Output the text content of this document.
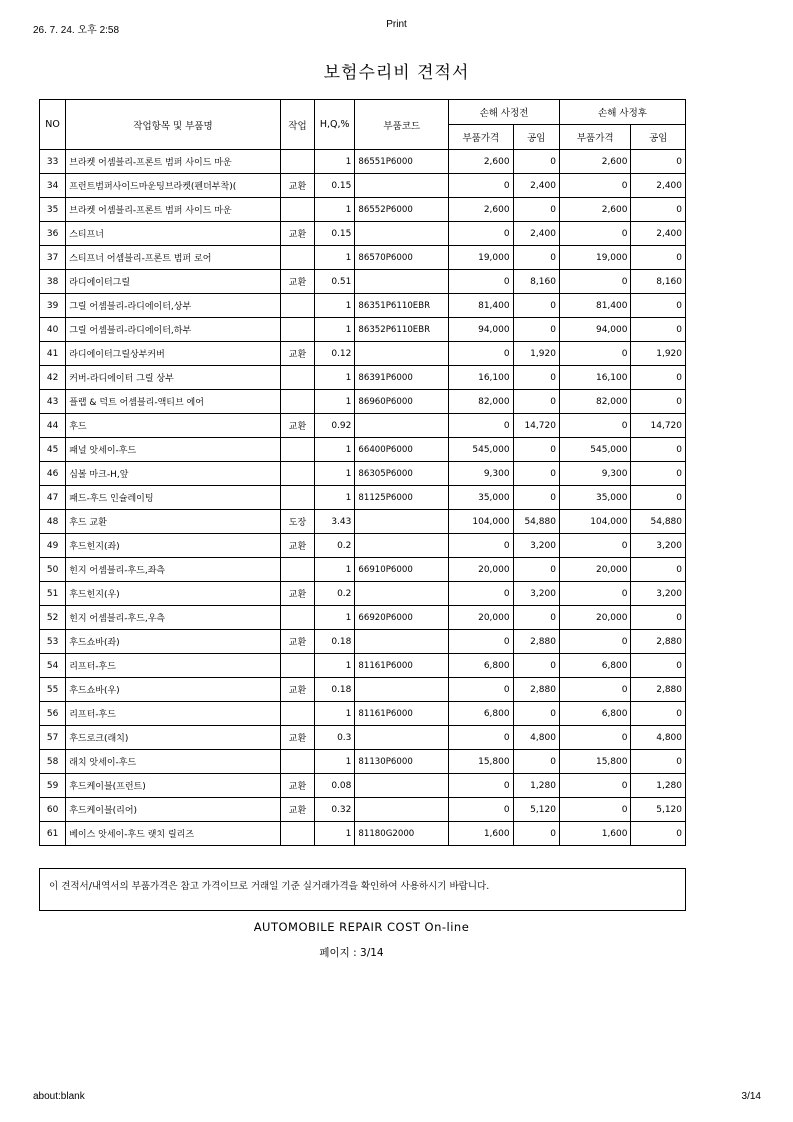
26. 7. 24. 오후 2:58
Print
보험수리비 견적서
NO	작업항목 및 부품명	작업	H,Q,%	부품코드	손해 사정전		손해 사정후	
					부품가격	공임	부품가격	공임
33	브라켓 어셈블리-프론트 범퍼 사이드 마운		1	86551P6000	2,600	0	2,600	0
34	프런트범퍼사이드마운팅브라켓(펜더부착)(	교환	0.15		0	2,400	0	2,400
35	브라켓 어셈블리-프론트 범퍼 사이드 마운		1	86552P6000	2,600	0	2,600	0
36	스티프너	교환	0.15		0	2,400	0	2,400
37	스티프너 어셈블리-프론트 범퍼 로어		1	86570P6000	19,000	0	19,000	0
38	라디에이터그릴	교환	0.51		0	8,160	0	8,160
39	그릴 어셈블리-라디에이터,상부		1	86351P6110EBR	81,400	0	81,400	0
40	그릴 어셈블리-라디에이터,하부		1	86352P6110EBR	94,000	0	94,000	0
41	라디에이터그릴상부커버	교환	0.12		0	1,920	0	1,920
42	커버-라디에이터 그릴 상부		1	86391P6000	16,100	0	16,100	0
43	플랩 & 덕트 어셈블리-액티브 에어		1	86960P6000	82,000	0	82,000	0
44	후드	교환	0.92		0	14,720	0	14,720
45	패널 앗세이-후드		1	66400P6000	545,000	0	545,000	0
46	심볼 마크-H,앞		1	86305P6000	9,300	0	9,300	0
47	패드-후드 인슐레이팅		1	81125P6000	35,000	0	35,000	0
48	후드 교환	도장	3.43		104,000	54,880	104,000	54,880
49	후드힌지(좌)	교환	0.2		0	3,200	0	3,200
50	힌지 어셈블리-후드,좌측		1	66910P6000	20,000	0	20,000	0
51	후드힌지(우)	교환	0.2		0	3,200	0	3,200
52	힌지 어셈블리-후드,우측		1	66920P6000	20,000	0	20,000	0
53	후드쇼바(좌)	교환	0.18		0	2,880	0	2,880
54	리프터-후드		1	81161P6000	6,800	0	6,800	0
55	후드쇼바(우)	교환	0.18		0	2,880	0	2,880
56	리프터-후드		1	81161P6000	6,800	0	6,800	0
57	후드로크(래치)	교환	0.3		0	4,800	0	4,800
58	래치 앗세이-후드		1	81130P6000	15,800	0	15,800	0
59	후드케이블(프런트)	교환	0.08		0	1,280	0	1,280
60	후드케이블(리어)	교환	0.32		0	5,120	0	5,120
61	베이스 앗세이-후드 랫치 릴리즈		1	81180G2000	1,600	0	1,600	0
이 견적서/내역서의 부품가격은 참고 가격이므로 거래일 기준 실거래가격을 확인하여 사용하시기 바랍니다.
AUTOMOBILE REPAIR COST On-line
페이지 : 3/14
about:blank	3/14
